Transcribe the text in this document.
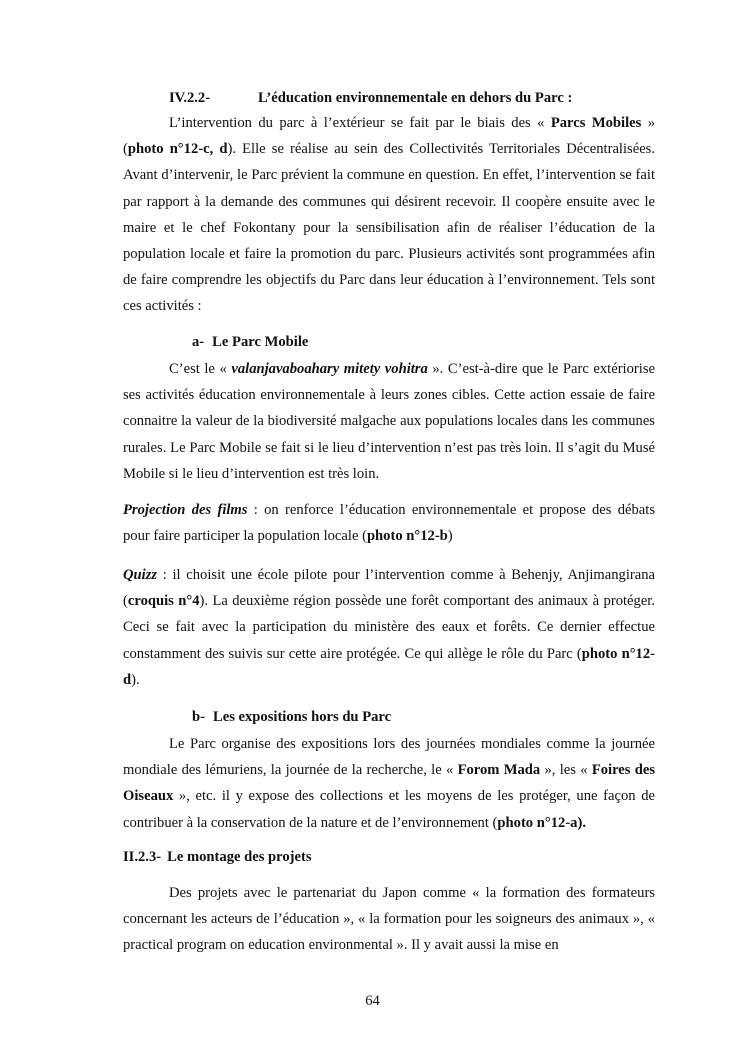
IV.2.2-	L’éducation environnementale en dehors du Parc :

L’intervention du parc à l’extérieur se fait par le biais des « Parcs Mobiles » (photo n°12-c, d). Elle se réalise au sein des Collectivités Territoriales Décentralisées. Avant d’intervenir, le Parc prévient la commune en question. En effet, l’intervention se fait par rapport à la demande des communes qui désirent recevoir. Il coopère ensuite avec le maire et le chef Fokontany pour la sensibilisation afin de réaliser l’éducation de la population locale et faire la promotion du parc. Plusieurs activités sont programmées afin de faire comprendre les objectifs du Parc dans leur éducation à l’environnement. Tels sont ces activités :

a- Le Parc Mobile

C’est le « valanjavaboahary mitety vohitra ». C’est-à-dire que le Parc extériorise ses activités éducation environnementale à leurs zones cibles. Cette action essaie de faire connaitre la valeur de la biodiversité malgache aux populations locales dans les communes rurales. Le Parc Mobile se fait si le lieu d’intervention n’est pas très loin. Il s’agit du Musé Mobile si le lieu d’intervention est très loin.

Projection des films : on renforce l’éducation environnementale et propose des débats pour faire participer la population locale (photo n°12-b)

Quizz : il choisit une école pilote pour l’intervention comme à Behenjy, Anjimangirana (croquis n°4). La deuxième région possède une forêt comportant des animaux à protéger. Ceci se fait avec la participation du ministère des eaux et forêts. Ce dernier effectue constamment des suivis sur cette aire protégée. Ce qui allège le rôle du Parc (photo n°12-d).

b- Les expositions hors du Parc

Le Parc organise des expositions lors des journées mondiales comme la journée mondiale des lémuriens, la journée de la recherche, le « Forom Mada », les « Foires des Oiseaux », etc. il y expose des collections et les moyens de les protéger, une façon de contribuer à la conservation de la nature et de l’environnement (photo n°12-a).

II.2.3- Le montage des projets

Des projets avec le partenariat du Japon comme « la formation des formateurs concernant les acteurs de l’éducation », « la formation pour les soigneurs des animaux », « practical program on education environmental ». Il y avait aussi la mise en

64
